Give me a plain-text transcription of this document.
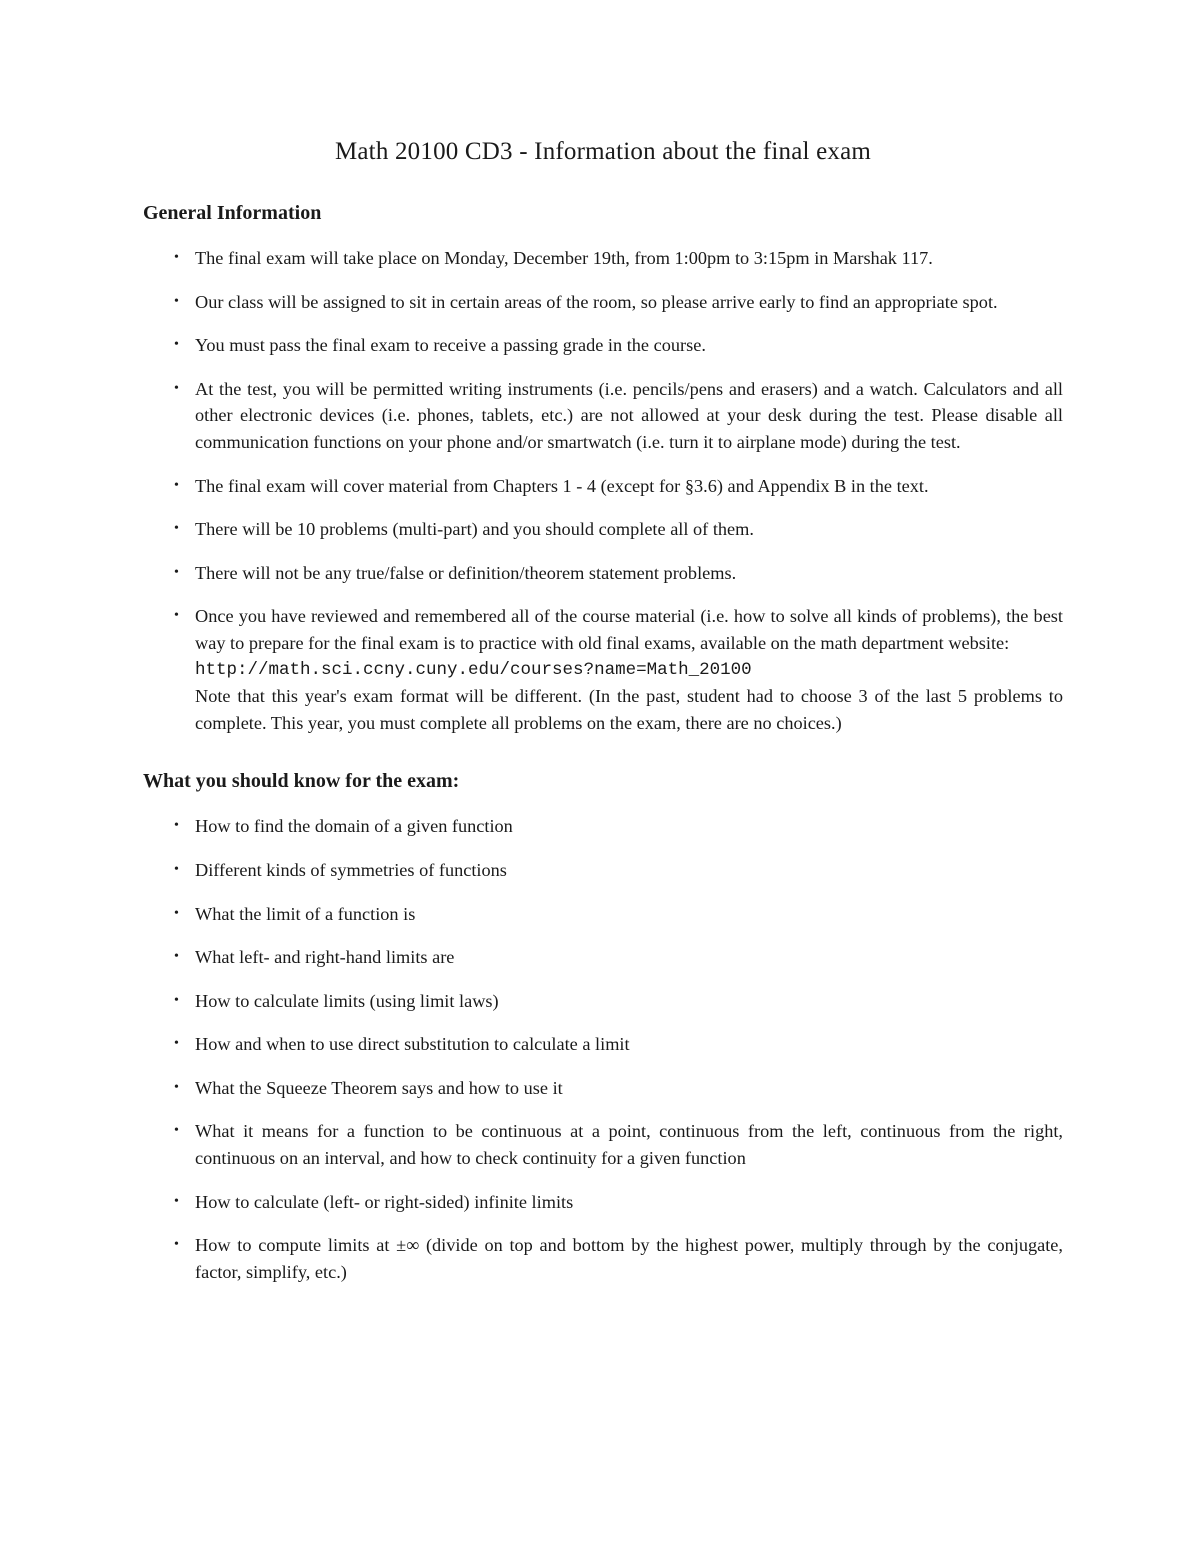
Math 20100 CD3 - Information about the final exam
General Information
• The final exam will take place on Monday, December 19th, from 1:00pm to 3:15pm in Marshak 117.
• Our class will be assigned to sit in certain areas of the room, so please arrive early to find an appropriate spot.
• You must pass the final exam to receive a passing grade in the course.
• At the test, you will be permitted writing instruments (i.e. pencils/pens and erasers) and a watch. Calculators and all other electronic devices (i.e. phones, tablets, etc.) are not allowed at your desk during the test. Please disable all communication functions on your phone and/or smartwatch (i.e. turn it to airplane mode) during the test.
• The final exam will cover material from Chapters 1 - 4 (except for §3.6) and Appendix B in the text.
• There will be 10 problems (multi-part) and you should complete all of them.
• There will not be any true/false or definition/theorem statement problems.
• Once you have reviewed and remembered all of the course material (i.e. how to solve all kinds of problems), the best way to prepare for the final exam is to practice with old final exams, available on the math department website:
http://math.sci.ccny.cuny.edu/courses?name=Math_20100
Note that this year's exam format will be different. (In the past, student had to choose 3 of the last 5 problems to complete. This year, you must complete all problems on the exam, there are no choices.)
What you should know for the exam:
• How to find the domain of a given function
• Different kinds of symmetries of functions
• What the limit of a function is
• What left- and right-hand limits are
• How to calculate limits (using limit laws)
• How and when to use direct substitution to calculate a limit
• What the Squeeze Theorem says and how to use it
• What it means for a function to be continuous at a point, continuous from the left, continuous from the right, continuous on an interval, and how to check continuity for a given function
• How to calculate (left- or right-sided) infinite limits
• How to compute limits at ±∞ (divide on top and bottom by the highest power, multiply through by the conjugate, factor, simplify, etc.)
